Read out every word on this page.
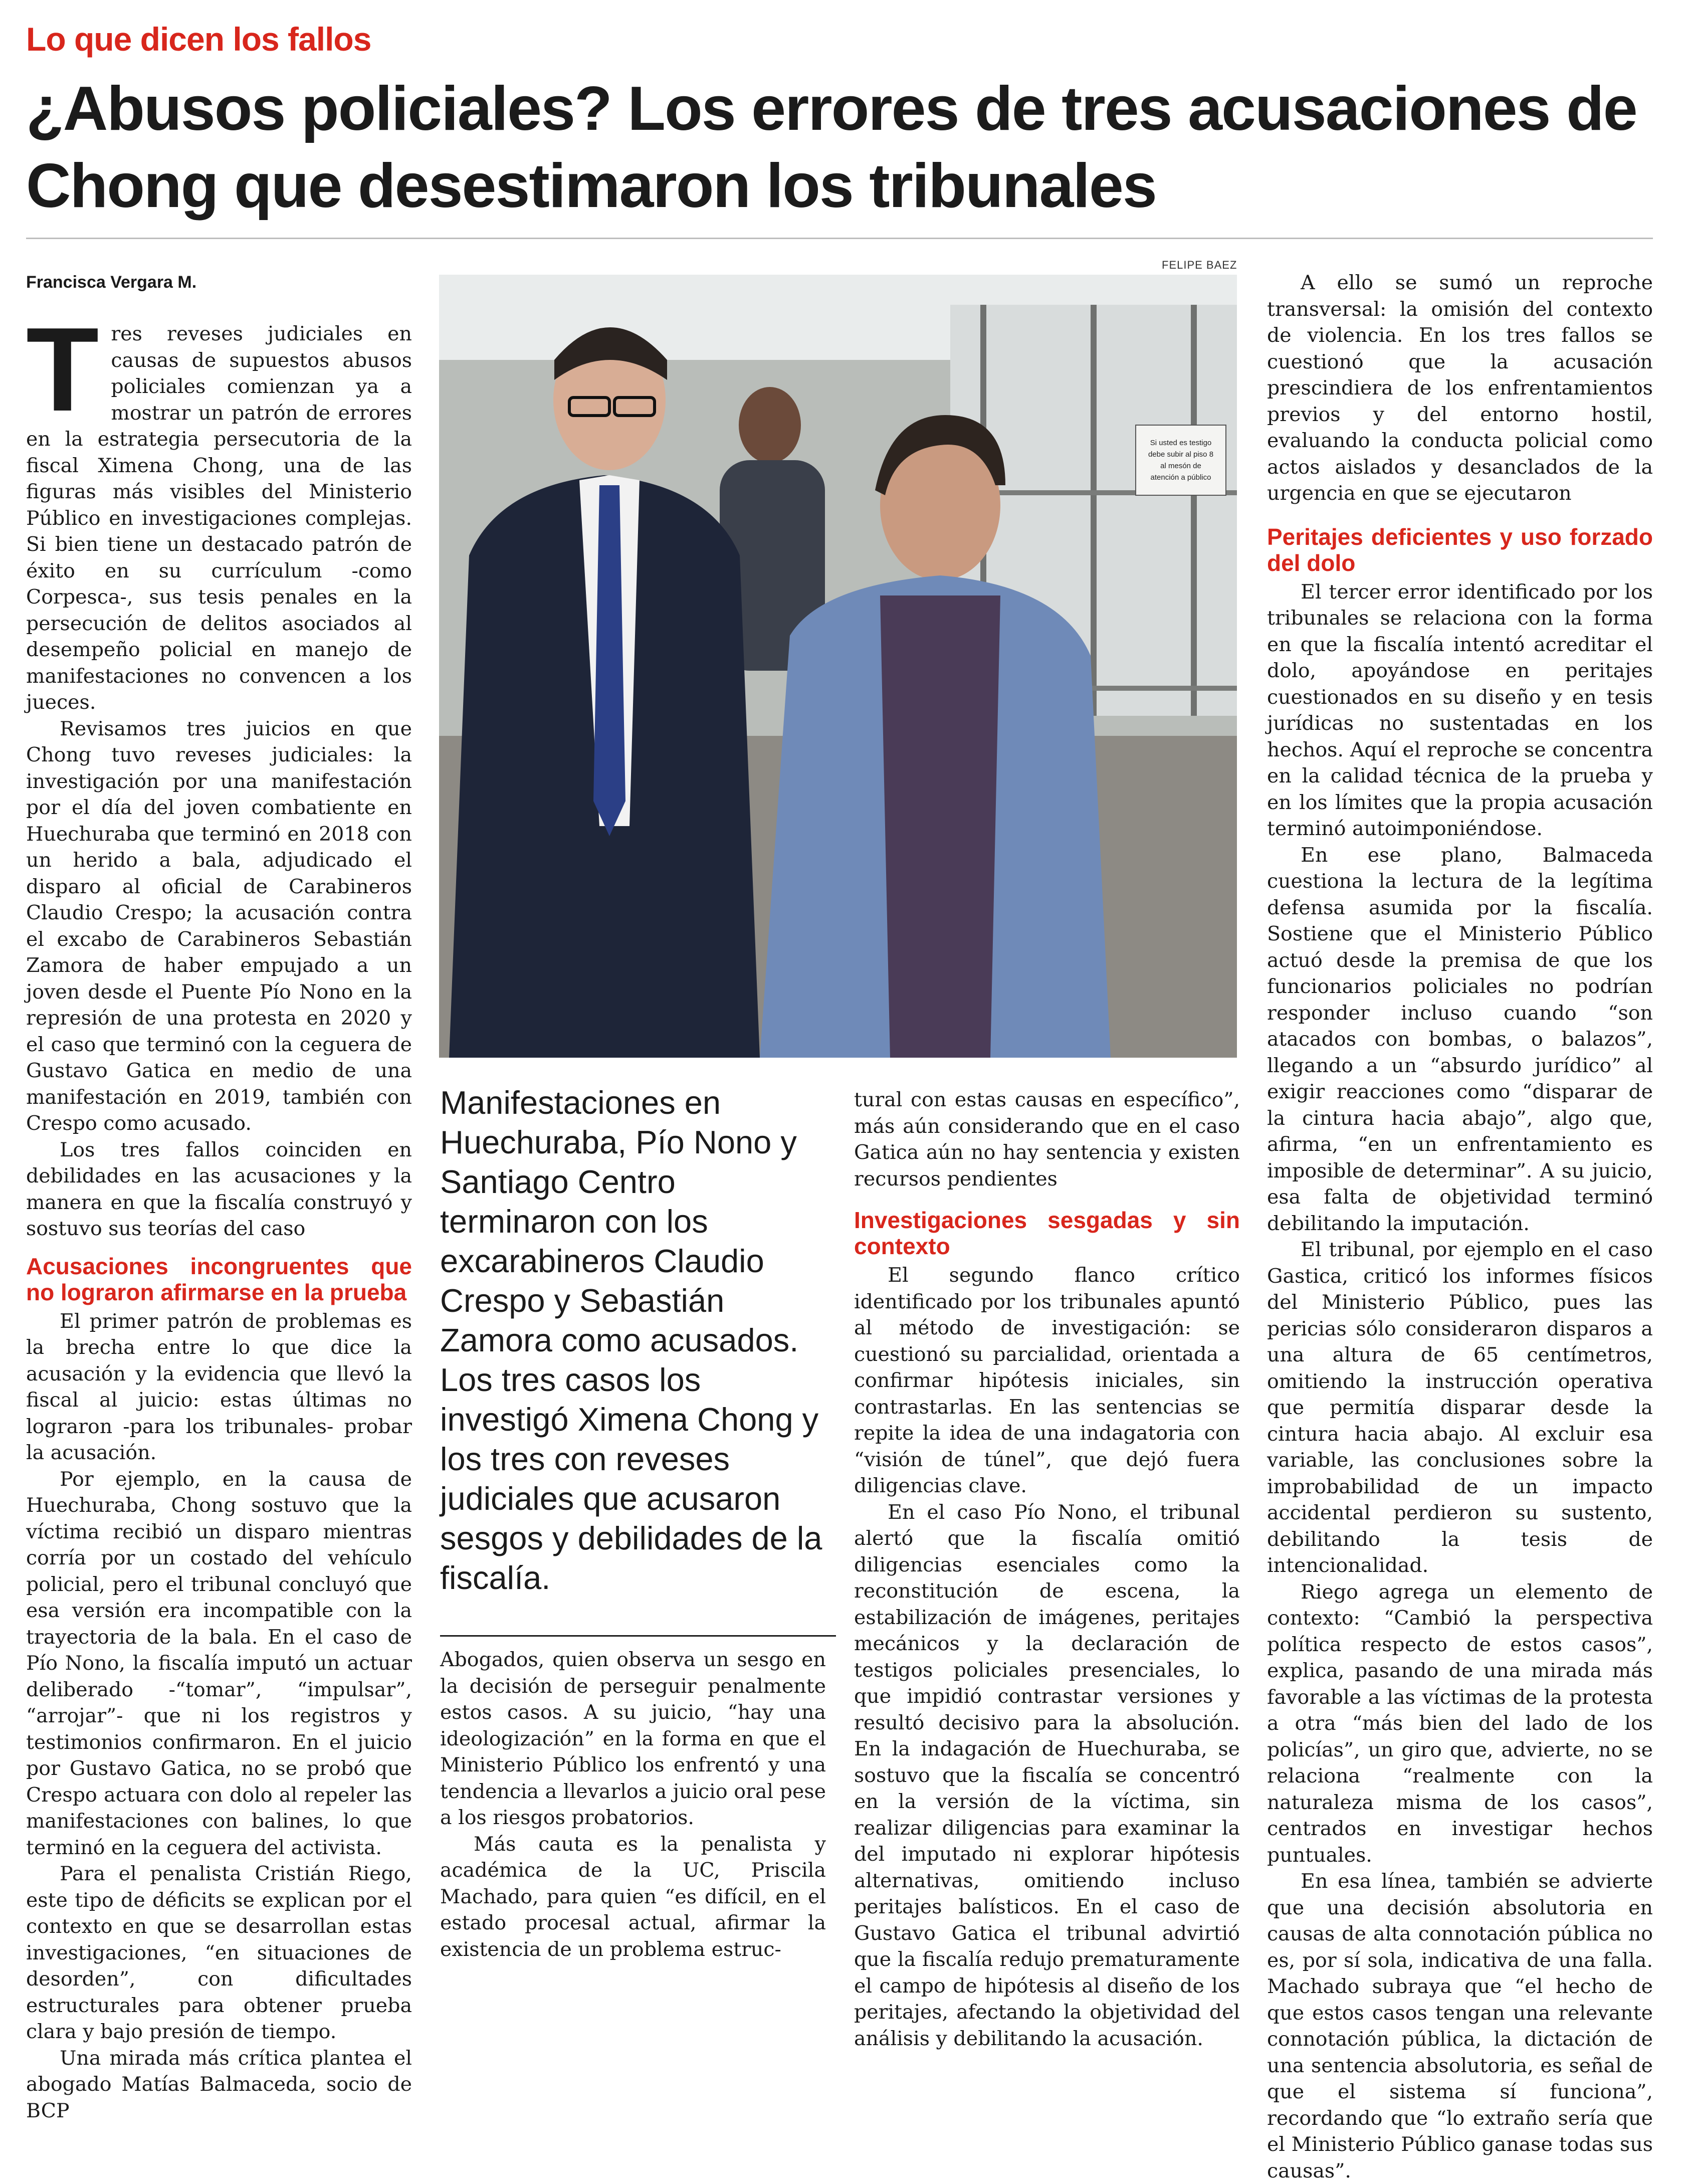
Lo que dicen los fallos
¿Abusos policiales? Los errores de tres acusaciones de Chong que desestimaron los tribunales
Francisca Vergara M.

Tres reveses judiciales en causas de supuestos abusos policiales comienzan ya a mostrar un patrón de errores en la estrategia persecutoria de la fiscal Ximena Chong, una de las figuras más visibles del Ministerio Público en investigaciones complejas. Si bien tiene un destacado patrón de éxito en su currículum -como Corpesca-, sus tesis penales en la persecución de delitos asociados al desempeño policial en manejo de manifestaciones no convencen a los jueces.

Revisamos tres juicios en que Chong tuvo reveses judiciales: la investigación por una manifestación por el día del joven combatiente en Huechuraba que terminó en 2018 con un herido a bala, adjudicado el disparo al oficial de Carabineros Claudio Crespo; la acusación contra el excabo de Carabineros Sebastián Zamora de haber empujado a un joven desde el Puente Pío Nono en la represión de una protesta en 2020 y el caso que terminó con la ceguera de Gustavo Gatica en medio de una manifestación en 2019, también con Crespo como acusado.

Los tres fallos coinciden en debilidades en las acusaciones y la manera en que la fiscalía construyó y sostuvo sus teorías del caso

Acusaciones incongruentes que no lograron afirmarse en la prueba

El primer patrón de problemas es la brecha entre lo que dice la acusación y la evidencia que llevó la fiscal al juicio: estas últimas no lograron -para los tribunales- probar la acusación.

Por ejemplo, en la causa de Huechuraba, Chong sostuvo que la víctima recibió un disparo mientras corría por un costado del vehículo policial, pero el tribunal concluyó que esa versión era incompatible con la trayectoria de la bala. En el caso de Pío Nono, la fiscalía imputó un actuar deliberado -“tomar”, “impulsar”, “arrojar”- que ni los registros y testimonios confirmaron. En el juicio por Gustavo Gatica, no se probó que Crespo actuara con dolo al repeler las manifestaciones con balines, lo que terminó en la ceguera del activista.

Para el penalista Cristián Riego, este tipo de déficits se explican por el contexto en que se desarrollan estas investigaciones, “en situaciones de desorden”, con dificultades estructurales para obtener prueba clara y bajo presión de tiempo.

Una mirada más crítica plantea el abogado Matías Balmaceda, socio de BCP

FELIPE BAEZ
Si usted es testigo
debe subir al piso 8
al mesón de
atención a público
Manifestaciones en Huechuraba, Pío Nono y Santiago Centro terminaron con los excarabineros Claudio Crespo y Sebastián Zamora como acusados. Los tres casos los investigó Ximena Chong y los tres con reveses judiciales que acusaron sesgos y debilidades de la fiscalía.

Abogados, quien observa un sesgo en la decisión de perseguir penalmente estos casos. A su juicio, “hay una ideologización” en la forma en que el Ministerio Público los enfrentó y una tendencia a llevarlos a juicio oral pese a los riesgos probatorios.

Más cauta es la penalista y académica de la UC, Priscila Machado, para quien “es difícil, en el estado procesal actual, afirmar la existencia de un problema estruc-

tural con estas causas en específico”, más aún considerando que en el caso Gatica aún no hay sentencia y existen recursos pendientes

Investigaciones sesgadas y sin contexto

El segundo flanco crítico identificado por los tribunales apuntó al método de investigación: se cuestionó su parcialidad, orientada a confirmar hipótesis iniciales, sin contrastarlas. En las sentencias se repite la idea de una indagatoria con “visión de túnel”, que dejó fuera diligencias clave.

En el caso Pío Nono, el tribunal alertó que la fiscalía omitió diligencias esenciales como la reconstitución de escena, la estabilización de imágenes, peritajes mecánicos y la declaración de testigos policiales presenciales, lo que impidió contrastar versiones y resultó decisivo para la absolución. En la indagación de Huechuraba, se sostuvo que la fiscalía se concentró en la versión de la víctima, sin realizar diligencias para examinar la del imputado ni explorar hipótesis alternativas, omitiendo incluso peritajes balísticos. En el caso de Gustavo Gatica el tribunal advirtió que la fiscalía redujo prematuramente el campo de hipótesis al diseño de los peritajes, afectando la objetividad del análisis y debilitando la acusación.

A ello se sumó un reproche transversal: la omisión del contexto de violencia. En los tres fallos se cuestionó que la acusación prescindiera de los enfrentamientos previos y del entorno hostil, evaluando la conducta policial como actos aislados y desanclados de la urgencia en que se ejecutaron

Peritajes deficientes y uso forzado del dolo

El tercer error identificado por los tribunales se relaciona con la forma en que la fiscalía intentó acreditar el dolo, apoyándose en peritajes cuestionados en su diseño y en tesis jurídicas no sustentadas en los hechos. Aquí el reproche se concentra en la calidad técnica de la prueba y en los límites que la propia acusación terminó autoimponiéndose.

En ese plano, Balmaceda cuestiona la lectura de la legítima defensa asumida por la fiscalía. Sostiene que el Ministerio Público actuó desde la premisa de que los funcionarios policiales no podrían responder incluso cuando “son atacados con bombas, o balazos”, llegando a un “absurdo jurídico” al exigir reacciones como “disparar de la cintura hacia abajo”, algo que, afirma, “en un enfrentamiento es imposible de determinar”. A su juicio, esa falta de objetividad terminó debilitando la imputación.

El tribunal, por ejemplo en el caso Gastica, criticó los informes físicos del Ministerio Público, pues las pericias sólo consideraron disparos a una altura de 65 centímetros, omitiendo la instrucción operativa que permitía disparar desde la cintura hacia abajo. Al excluir esa variable, las conclusiones sobre la improbabilidad de un impacto accidental perdieron su sustento, debilitando la tesis de intencionalidad.

Riego agrega un elemento de contexto: “Cambió la perspectiva política respecto de estos casos”, explica, pasando de una mirada más favorable a las víctimas de la protesta a otra “más bien del lado de los policías”, un giro que, advierte, no se relaciona “realmente con la naturaleza misma de los casos”, centrados en investigar hechos puntuales.

En esa línea, también se advierte que una decisión absolutoria en causas de alta connotación pública no es, por sí sola, indicativa de una falla. Machado subraya que “el hecho de que estos casos tengan una relevante connotación pública, la dictación de una sentencia absolutoria, es señal de que el sistema sí funciona”, recordando que “lo extraño sería que el Ministerio Público ganase todas sus causas”.
